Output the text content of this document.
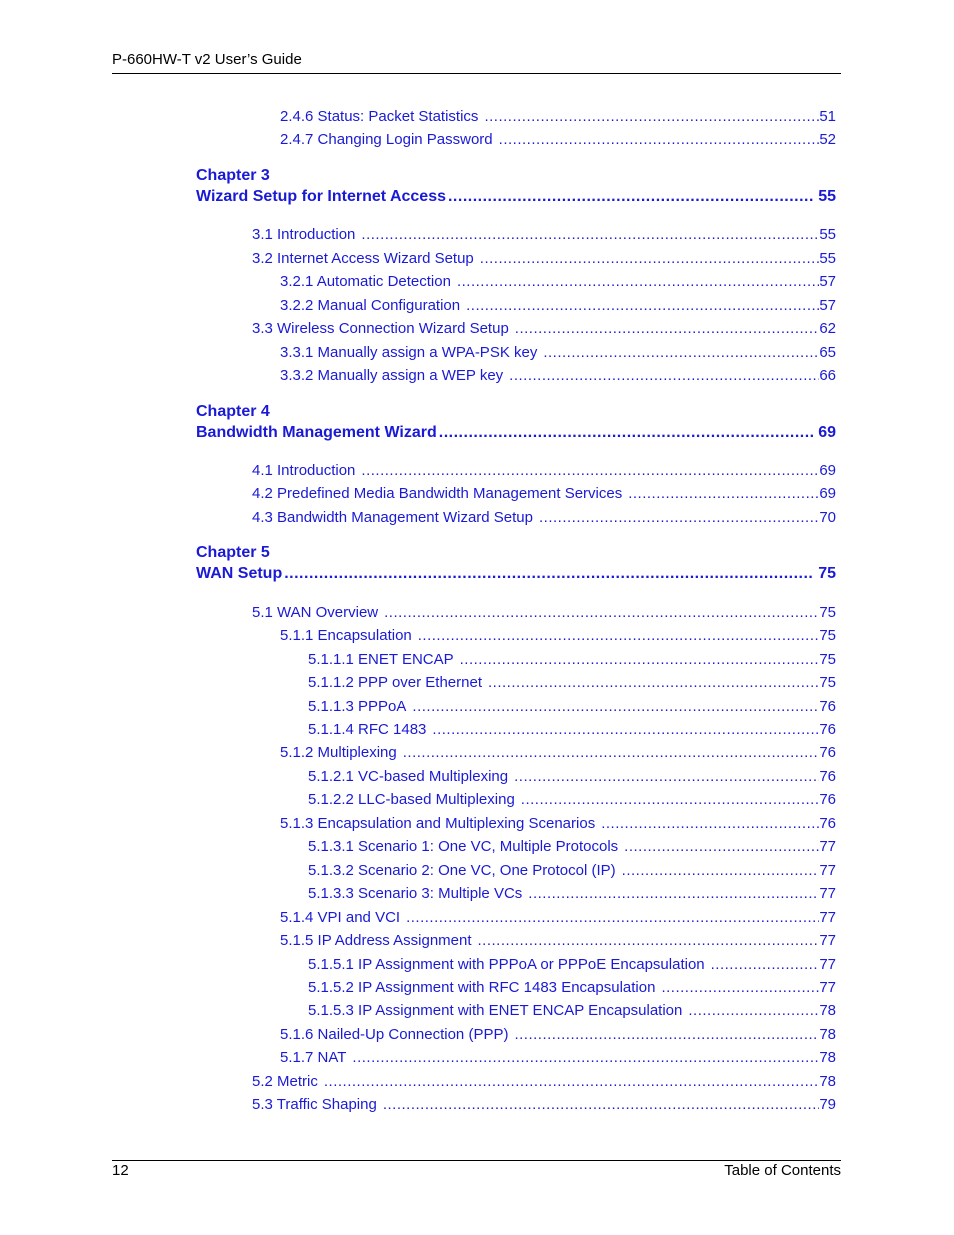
P-660HW-T v2 User’s Guide
2.4.6 Status: Packet Statistics .....	51
2.4.7 Changing Login Password .....	52
Chapter 3
Wizard Setup for Internet Access .....	55
3.1 Introduction .....	55
3.2 Internet Access Wizard Setup .....	55
3.2.1 Automatic Detection .....	57
3.2.2 Manual Configuration .....	57
3.3 Wireless Connection Wizard Setup .....	62
3.3.1 Manually assign a WPA-PSK key .....	65
3.3.2 Manually assign a WEP key .....	66
Chapter 4
Bandwidth Management Wizard .....	69
4.1 Introduction .....	69
4.2 Predefined Media Bandwidth Management Services .....	69
4.3 Bandwidth Management Wizard Setup .....	70
Chapter 5
WAN Setup .....	75
5.1 WAN Overview .....	75
5.1.1 Encapsulation .....	75
5.1.1.1 ENET ENCAP .....	75
5.1.1.2 PPP over Ethernet .....	75
5.1.1.3 PPPoA .....	76
5.1.1.4 RFC 1483 .....	76
5.1.2 Multiplexing .....	76
5.1.2.1 VC-based Multiplexing .....	76
5.1.2.2 LLC-based Multiplexing .....	76
5.1.3 Encapsulation and Multiplexing Scenarios .....	76
5.1.3.1 Scenario 1: One VC, Multiple Protocols .....	77
5.1.3.2 Scenario 2: One VC, One Protocol (IP) .....	77
5.1.3.3 Scenario 3: Multiple VCs .....	77
5.1.4 VPI and VCI .....	77
5.1.5 IP Address Assignment .....	77
5.1.5.1 IP Assignment with PPPoA or PPPoE Encapsulation .....	77
5.1.5.2 IP Assignment with RFC 1483 Encapsulation .....	77
5.1.5.3 IP Assignment with ENET ENCAP Encapsulation .....	78
5.1.6 Nailed-Up Connection (PPP) .....	78
5.1.7 NAT .....	78
5.2 Metric .....	78
5.3 Traffic Shaping .....	79
12	Table of Contents
